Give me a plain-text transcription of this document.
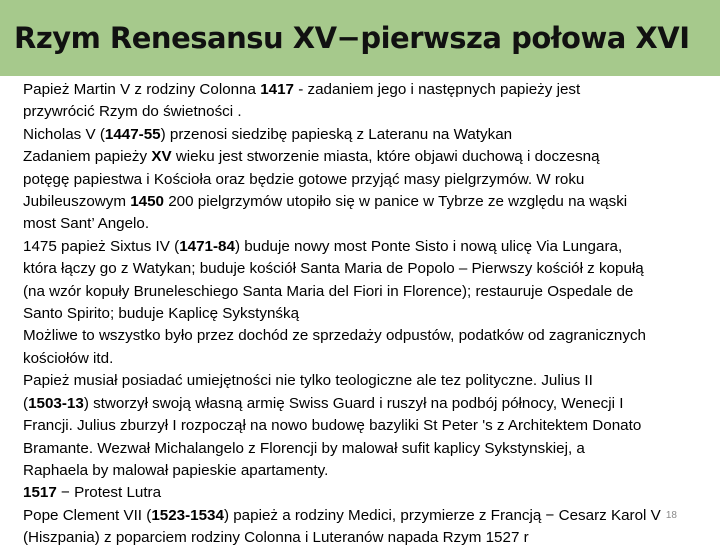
Rzym Renesansu XV−pierwsza połowa XVI

Papież Martin V z rodziny Colonna 1417 - zadaniem jego i następnych papieży jest

przywrócić Rzym do świetności .

Nicholas V (1447-55) przenosi siedzibę papieską z Lateranu na Watykan

Zadaniem papieży XV wieku jest stworzenie miasta, które objawi duchową i doczesną

potęgę papiestwa i Kościoła oraz będzie gotowe przyjąć masy pielgrzymów. W roku

Jubileuszowym 1450 200 pielgrzymów utopiło się w panice w Tybrze ze względu na wąski

most Sant’ Angelo.

1475 papież Sixtus IV (1471-84) buduje nowy most Ponte Sisto i nową ulicę Via Lungara,

która łączy go z Watykan; buduje kościół Santa Maria de Popolo – Pierwszy kościół z kopułą

(na wzór kopuły Bruneleschiego Santa Maria del Fiori in Florence); restauruje Ospedale de

Santo Spirito; buduje Kaplicę Sykstynśką

Możliwe to wszystko było przez dochód ze sprzedaży odpustów, podatków od zagranicznych

kościołów itd.

Papież musiał posiadać umiejętności nie tylko teologiczne ale tez polityczne. Julius II

(1503-13) stworzył swoją własną armię Swiss Guard i ruszył na podbój północy, Wenecji I

Francji. Julius zburzył I rozpoczął na nowo budowę bazyliki St Peter 's z Architektem Donato

Bramante. Wezwał Michalangelo z Florencji by malował sufit kaplicy Sykstynskiej, a

Raphaela by malował papieskie apartamenty.

1517 − Protest Lutra

Pope Clement VII (1523-1534) papież a rodziny Medici, przymierze z Francją − Cesarz Karol V

(Hiszpania) z poparciem rodziny Colonna i Luteranów napada Rzym 1527 r

18
